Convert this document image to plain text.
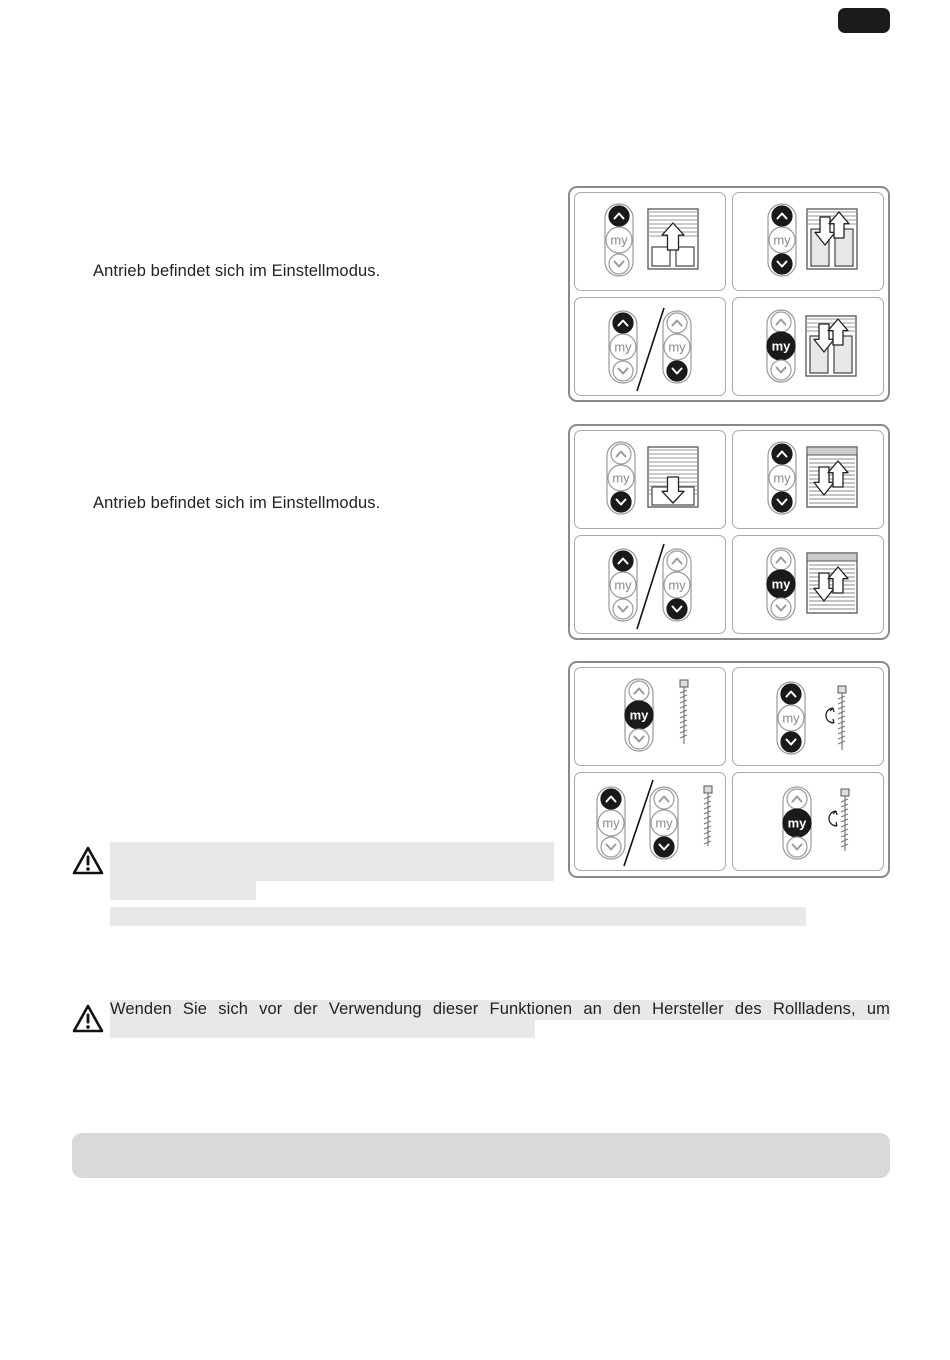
Antrieb befindet sich im Einstellmodus.
Antrieb befindet sich im Einstellmodus.
Wenden Sie sich vor der Verwendung dieser Funktionen an den Hersteller des Rollladens, um
my	my
my	my	my
my	my
my	my	my
my	my
my	my	my
